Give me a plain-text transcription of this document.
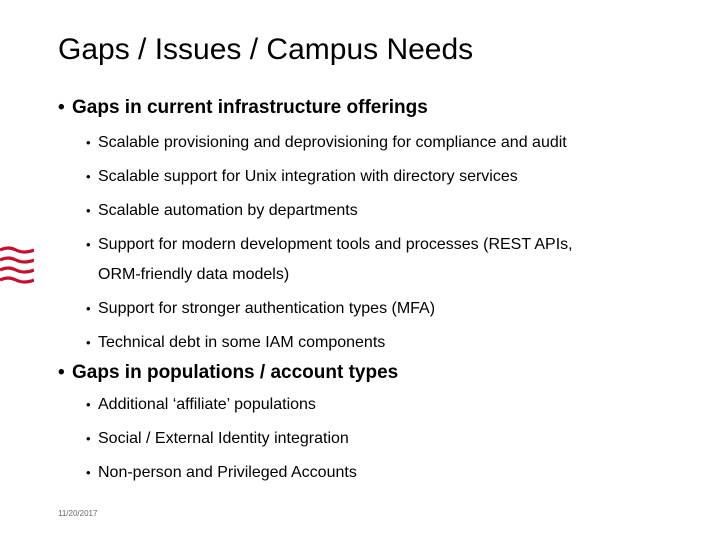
Gaps / Issues / Campus Needs
• Gaps in current infrastructure offerings
• Scalable provisioning and deprovisioning for compliance and audit
• Scalable support for Unix integration with directory services
• Scalable automation by departments
• Support for modern development tools and processes (REST APIs,
ORM-friendly data models)
• Support for stronger authentication types (MFA)
• Technical debt in some IAM components
• Gaps in populations / account types
• Additional ‘affiliate’ populations
• Social / External Identity integration
• Non-person and Privileged Accounts
11/20/2017
